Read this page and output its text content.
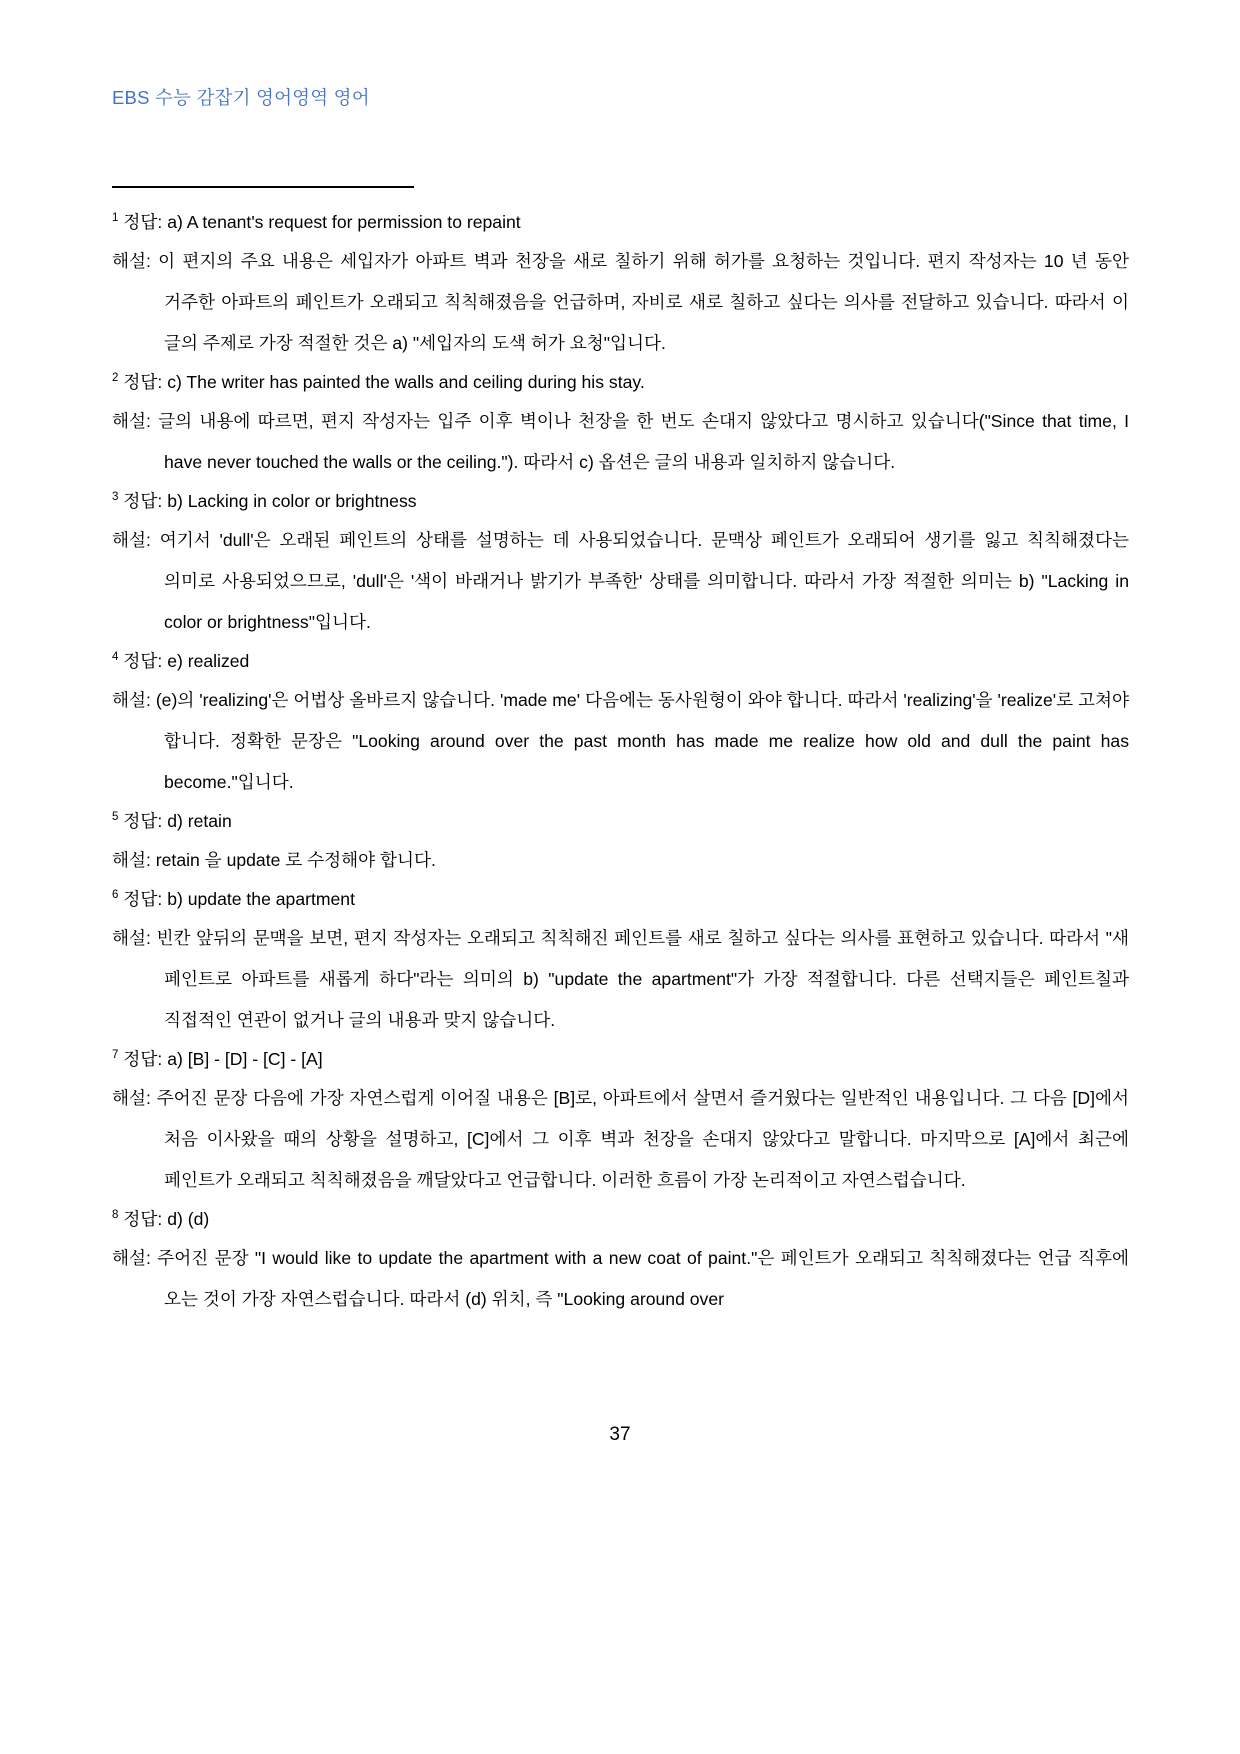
EBS 수능 감잡기 영어영역 영어

$^1$ 정답: a) A tenant's request for permission to repaint

해설: 이 편지의 주요 내용은 세입자가 아파트 벽과 천장을 새로 칠하기 위해 허가를 요청하는 것입니다. 편지 작성자는 10 년 동안 거주한 아파트의 페인트가 오래되고 칙칙해졌음을 언급하며, 자비로 새로 칠하고 싶다는 의사를 전달하고 있습니다. 따라서 이 글의 주제로 가장 적절한 것은 a) "세입자의 도색 허가 요청"입니다.

$^2$ 정답: c) The writer has painted the walls and ceiling during his stay.

해설: 글의 내용에 따르면, 편지 작성자는 입주 이후 벽이나 천장을 한 번도 손대지 않았다고 명시하고 있습니다("Since that time, I have never touched the walls or the ceiling."). 따라서 c) 옵션은 글의 내용과 일치하지 않습니다.

$^3$ 정답: b) Lacking in color or brightness

해설: 여기서 'dull'은 오래된 페인트의 상태를 설명하는 데 사용되었습니다. 문맥상 페인트가 오래되어 생기를 잃고 칙칙해졌다는 의미로 사용되었으므로, 'dull'은 '색이 바래거나 밝기가 부족한' 상태를 의미합니다. 따라서 가장 적절한 의미는 b) "Lacking in color or brightness"입니다.

$^4$ 정답: e) realized

해설: (e)의 'realizing'은 어법상 올바르지 않습니다. 'made me' 다음에는 동사원형이 와야 합니다. 따라서 'realizing'을 'realize'로 고쳐야 합니다. 정확한 문장은 "Looking around over the past month has made me realize how old and dull the paint has become."입니다.

$^5$ 정답: d) retain

해설: retain 을 update 로 수정해야 합니다.

$^6$ 정답: b) update the apartment

해설: 빈칸 앞뒤의 문맥을 보면, 편지 작성자는 오래되고 칙칙해진 페인트를 새로 칠하고 싶다는 의사를 표현하고 있습니다. 따라서 "새 페인트로 아파트를 새롭게 하다"라는 의미의 b) "update the apartment"가 가장 적절합니다. 다른 선택지들은 페인트칠과 직접적인 연관이 없거나 글의 내용과 맞지 않습니다.

$^7$ 정답: a) [B] - [D] - [C] - [A]

해설: 주어진 문장 다음에 가장 자연스럽게 이어질 내용은 [B]로, 아파트에서 살면서 즐거웠다는 일반적인 내용입니다. 그 다음 [D]에서 처음 이사왔을 때의 상황을 설명하고, [C]에서 그 이후 벽과 천장을 손대지 않았다고 말합니다. 마지막으로 [A]에서 최근에 페인트가 오래되고 칙칙해졌음을 깨달았다고 언급합니다. 이러한 흐름이 가장 논리적이고 자연스럽습니다.

$^8$ 정답: d) (d)

해설: 주어진 문장 "I would like to update the apartment with a new coat of paint."은 페인트가 오래되고 칙칙해졌다는 언급 직후에 오는 것이 가장 자연스럽습니다. 따라서 (d) 위치, 즉 "Looking around over

37
